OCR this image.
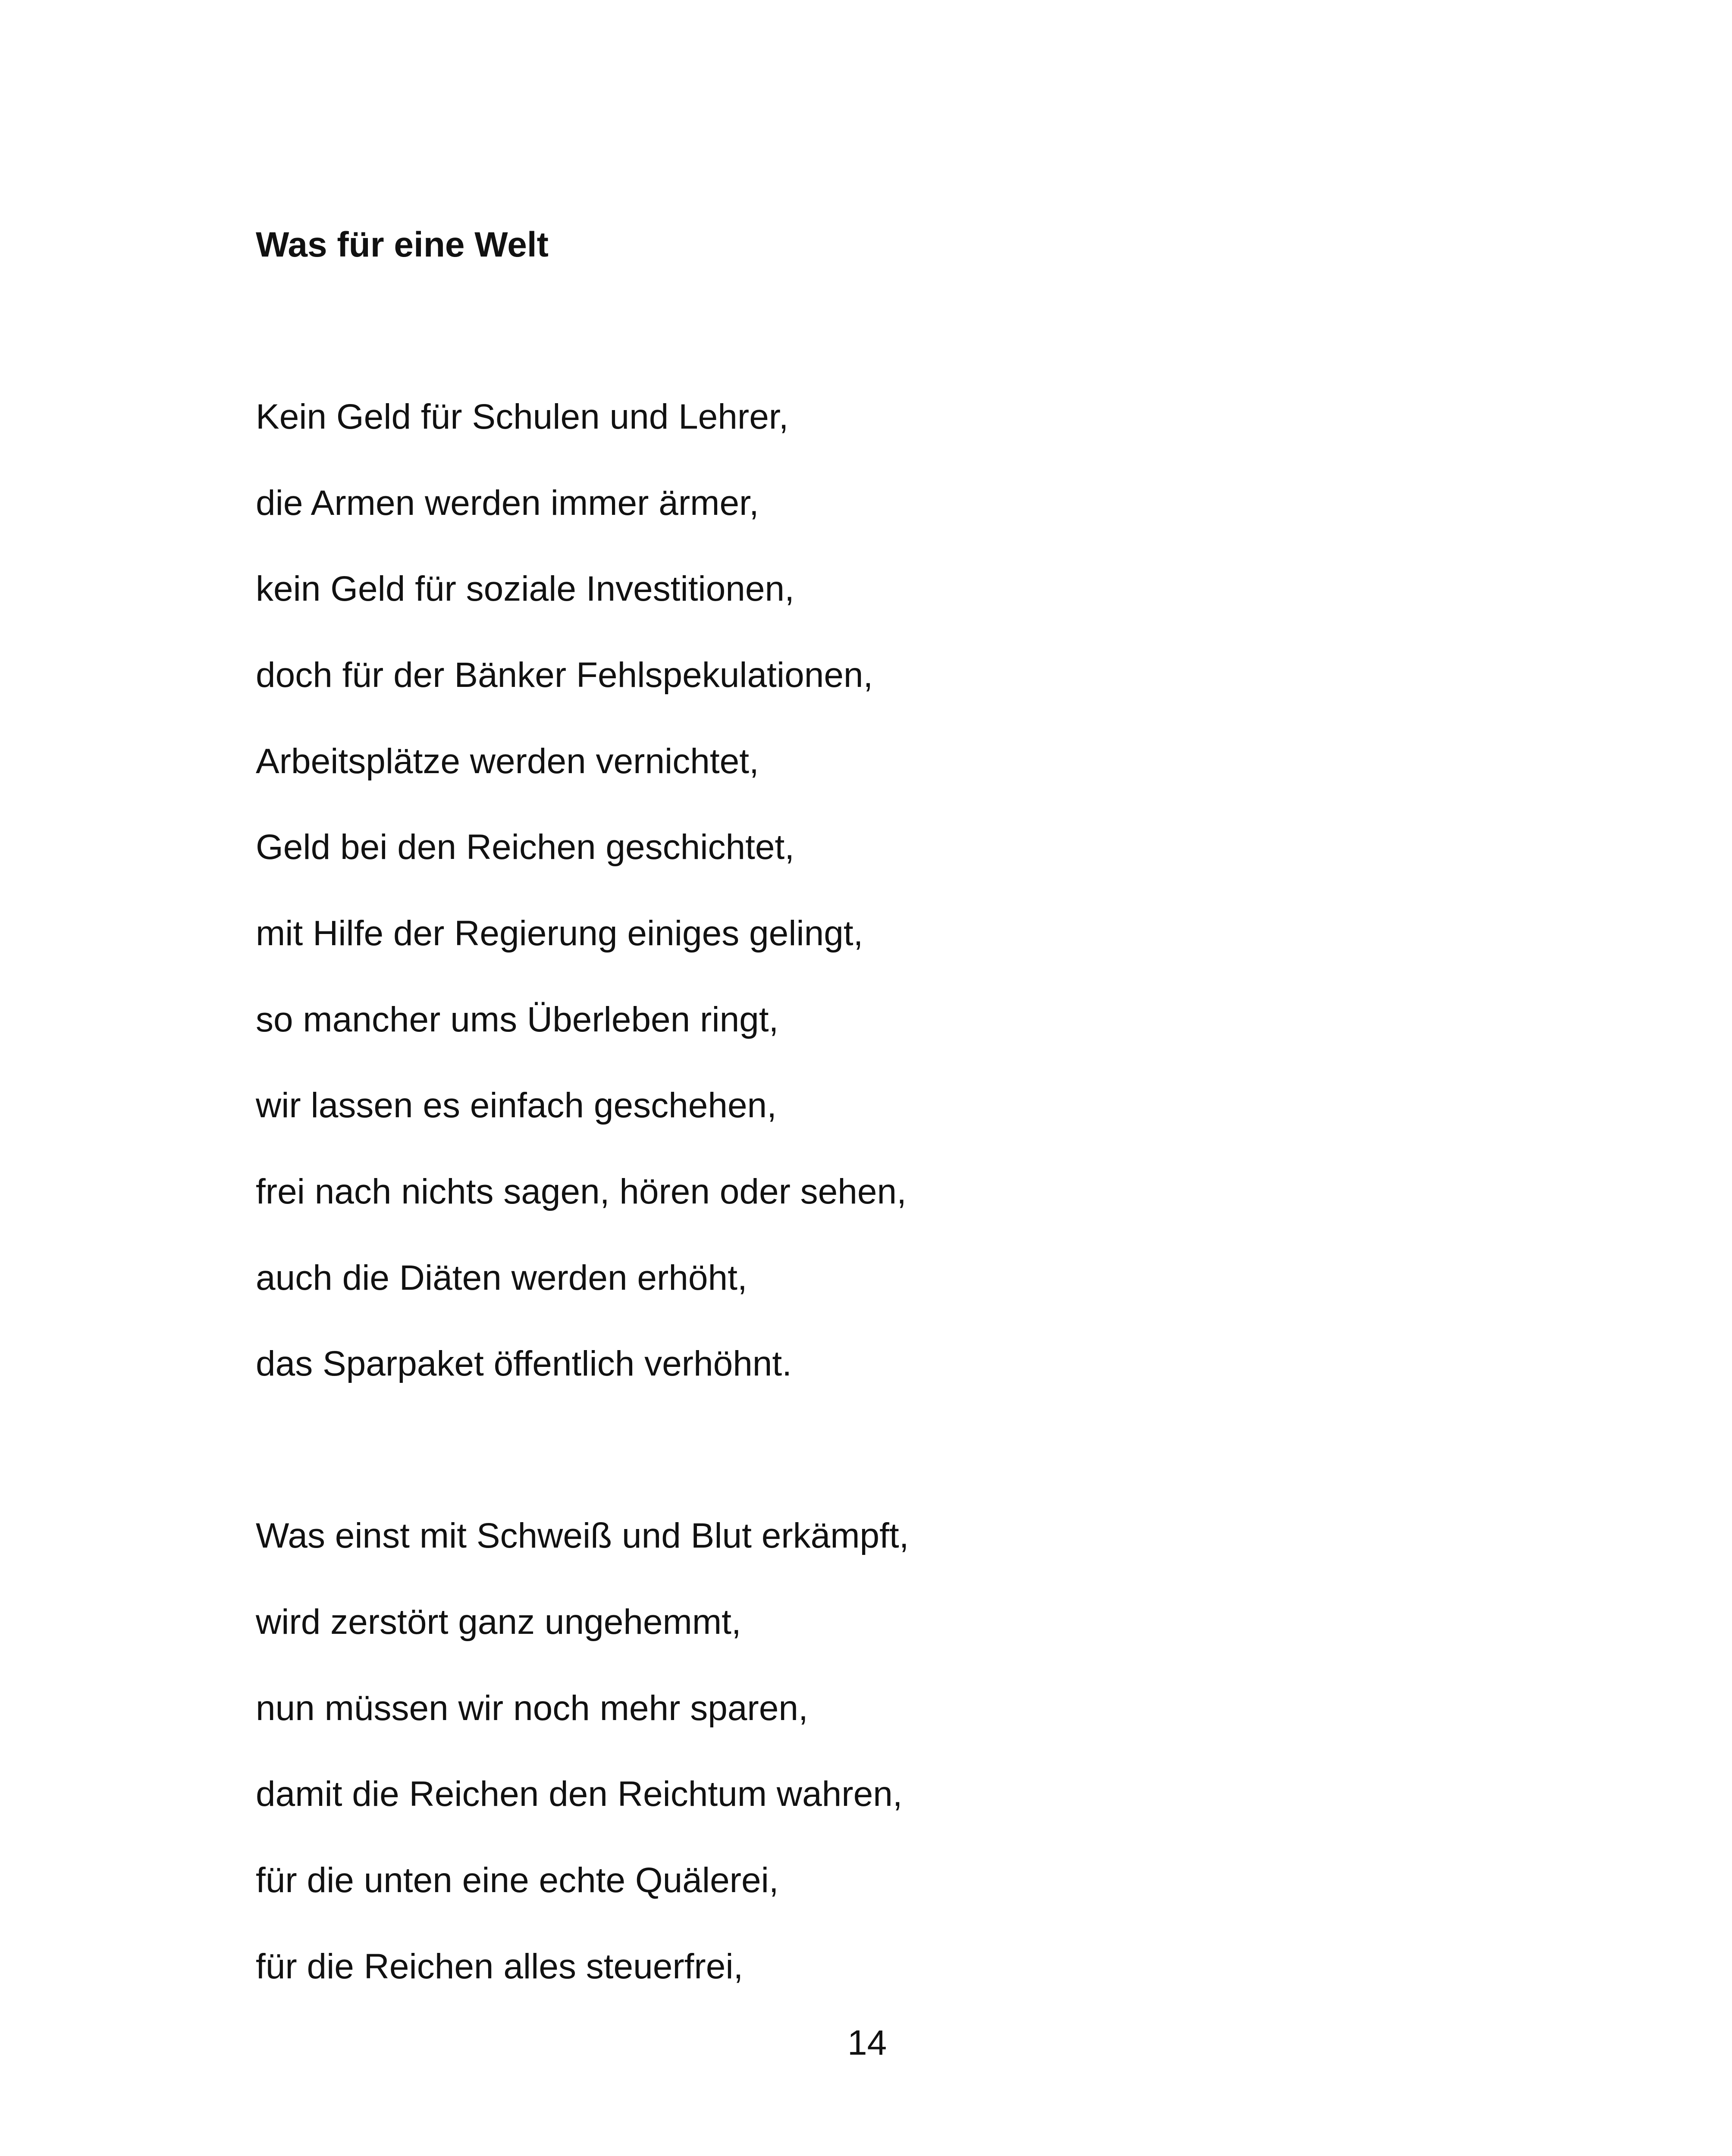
Was für eine Welt
Kein Geld für Schulen und Lehrer,
die Armen werden immer ärmer,
kein Geld für soziale Investitionen,
doch für der Bänker Fehlspekulationen,
Arbeitsplätze werden vernichtet,
Geld bei den Reichen geschichtet,
mit Hilfe der Regierung einiges gelingt,
so mancher ums Überleben ringt,
wir lassen es einfach geschehen,
frei nach nichts sagen, hören oder sehen,
auch die Diäten werden erhöht,
das Sparpaket öffentlich verhöhnt.
Was einst mit Schweiß und Blut erkämpft,
wird zerstört ganz ungehemmt,
nun müssen wir noch mehr sparen,
damit die Reichen den Reichtum wahren,
für die unten eine echte Quälerei,
für die Reichen alles steuerfrei,
14
